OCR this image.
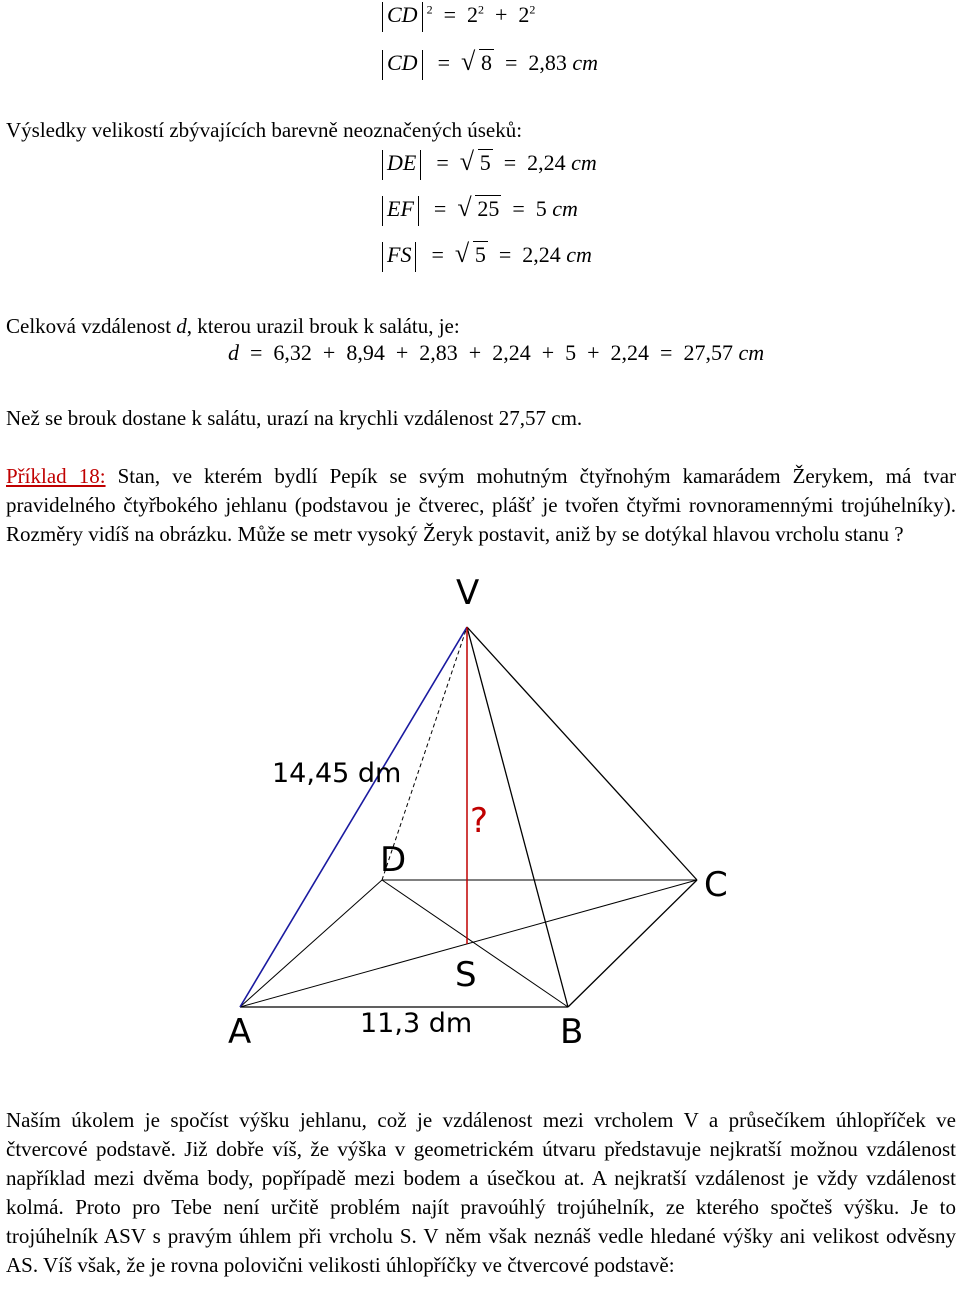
CD $^2 = 2^2 + 2^2$
CD  =  √ 8  =  2,83 cm
Výsledky velikostí zbývajících barevně neoznačených úseků:
DE  =  √ 5  =  2,24 cm
EF  =  √ 25  =  5 cm
FS  =  √ 5  =  2,24 cm
Celková vzdálenost d, kterou urazil brouk k salátu, je:
d  =  6,32  +  8,94  +  2,83  +  2,24  +  5  +  2,24  =  27,57 cm
Než se brouk dostane k salátu, urazí na krychli vzdálenost 27,57 cm.
Příklad 18: Stan, ve kterém bydlí Pepík se svým mohutným čtyřnohým kamarádem Žerykem, má tvar pravidelného čtyřbokého jehlanu (podstavou je čtverec, plášť je tvořen čtyřmi rovnoramennými trojúhelníky). Rozměry vidíš na obrázku. Může se metr vysoký Žeryk postavit, aniž by se dotýkal hlavou vrcholu stanu ?
V
14,45 dm
?
D
C
S
A	11,3 dm	B
Naším úkolem je spočíst výšku jehlanu, což je vzdálenost mezi vrcholem V a průsečíkem úhlopříček ve čtvercové podstavě. Již dobře víš, že výška v geometrickém útvaru představuje nejkratší možnou vzdálenost například mezi dvěma body, popřípadě mezi bodem a úsečkou at. A nejkratší vzdálenost je vždy vzdálenost kolmá. Proto pro Tebe není určitě problém najít pravoúhlý trojúhelník, ze kterého spočteš výšku. Je to trojúhelník ASV s pravým úhlem při vrcholu S. V něm však neznáš vedle hledané výšky ani velikost odvěsny AS. Víš však, že je rovna polovični velikosti úhlopříčky ve čtvercové podstavě:
